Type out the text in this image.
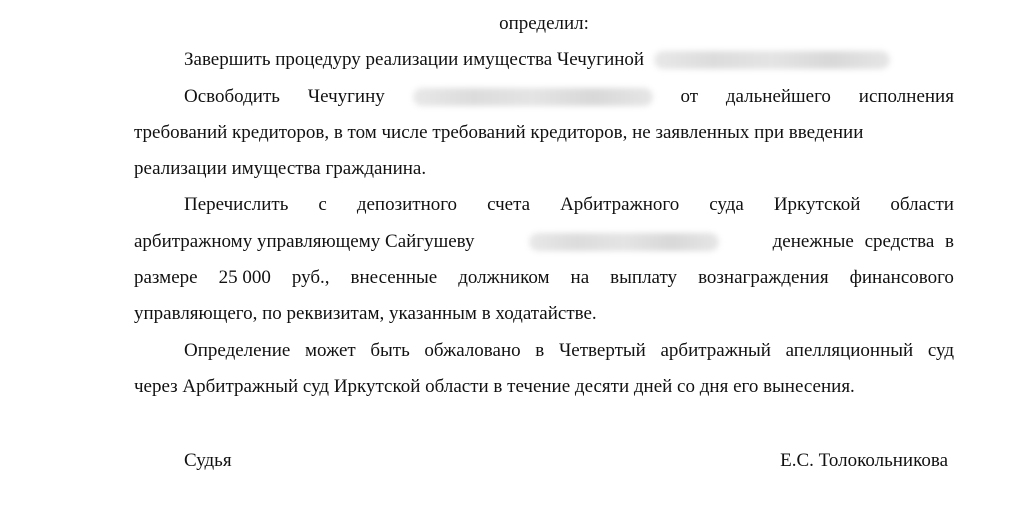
определил:
Завершить процедуру реализации имущества Чечугиной
Освободить Чечугину	от дальнейшего исполнения
требований кредиторов, в том числе требований кредиторов, не заявленных при введении
реализации имущества гражданина.
Перечислить с депозитного счета Арбитражного суда Иркутской области
арбитражному управляющему Сайгушеву	денежные средства в
размере 25 000 руб., внесенные должником на выплату вознаграждения финансового
управляющего, по реквизитам, указанным в ходатайстве.
Определение может быть обжаловано в Четвертый арбитражный апелляционный суд
через Арбитражный суд Иркутской области в течение десяти дней со дня его вынесения.
Судья	Е.С. Толокольникова
